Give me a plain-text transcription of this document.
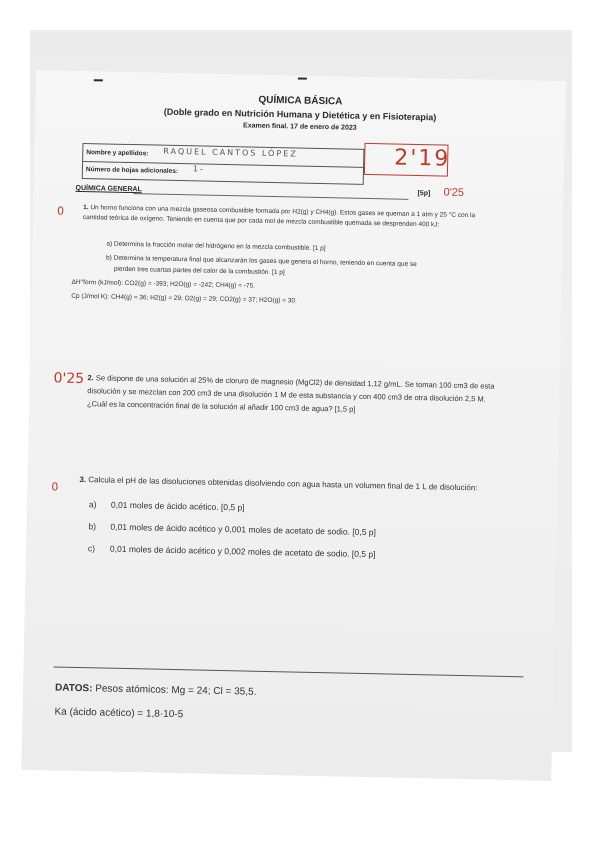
QUÍMICA BÁSICA
(Doble grado en Nutrición Humana y Dietética y en Fisioterapia)
Examen final. 17 de enero de 2023
Nombre y apellidos: RAQUEL CANTOS LÓPEZ
Número de hojas adicionales: 1-	2'19
QUÍMICA GENERAL
[5p] 0'25
0	1. Un horno funciona con una mezcla gaseosa combustible formada por H2(g) y CH4(g). Estos gases se queman a 1 atm y 25 °C con la cantidad teórica de oxígeno. Teniendo en cuenta que por cada mol de mezcla combustible quemada se desprenden 400 kJ:
a) Determina la fracción molar del hidrógeno en la mezcla combustible. [1 p]
b) Determina la temperatura final que alcanzarán los gases que genera el horno, teniendo en cuenta que se
pierden tres cuartas partes del calor de la combustión. [1 p]
ΔH°form (kJ/mol): CO2(g) = -393; H2O(g) = -242; CH4(g) = -75.
Cp (J/mol K): CH4(g) = 36; H2(g) = 29; O2(g) = 29; CO2(g) = 37; H2O(g) = 30.
0'25 2. Se dispone de una solución al 25% de cloruro de magnesio (MgCl2) de densidad 1,12 g/mL. Se toman 100 cm3 de esta disolución y se mezclan con 200 cm3 de una disolución 1 M de esta substancia y con 400 cm3 de otra disolución 2,5 M. ¿Cuál es la concentración final de la solución al añadir 100 cm3 de agua? [1,5 p]
0
3. Calcula el pH de las disoluciones obtenidas disolviendo con agua hasta un volumen final de 1 L de disolución:
a) 0,01 moles de ácido acético. [0,5 p]
b) 0,01 moles de ácido acético y 0,001 moles de acetato de sodio. [0,5 p]
c) 0,01 moles de ácido acético y 0,002 moles de acetato de sodio. [0,5 p]
DATOS: Pesos atómicos: Mg = 24; Cl = 35,5.
Ka (ácido acético) = 1,8·10-5
